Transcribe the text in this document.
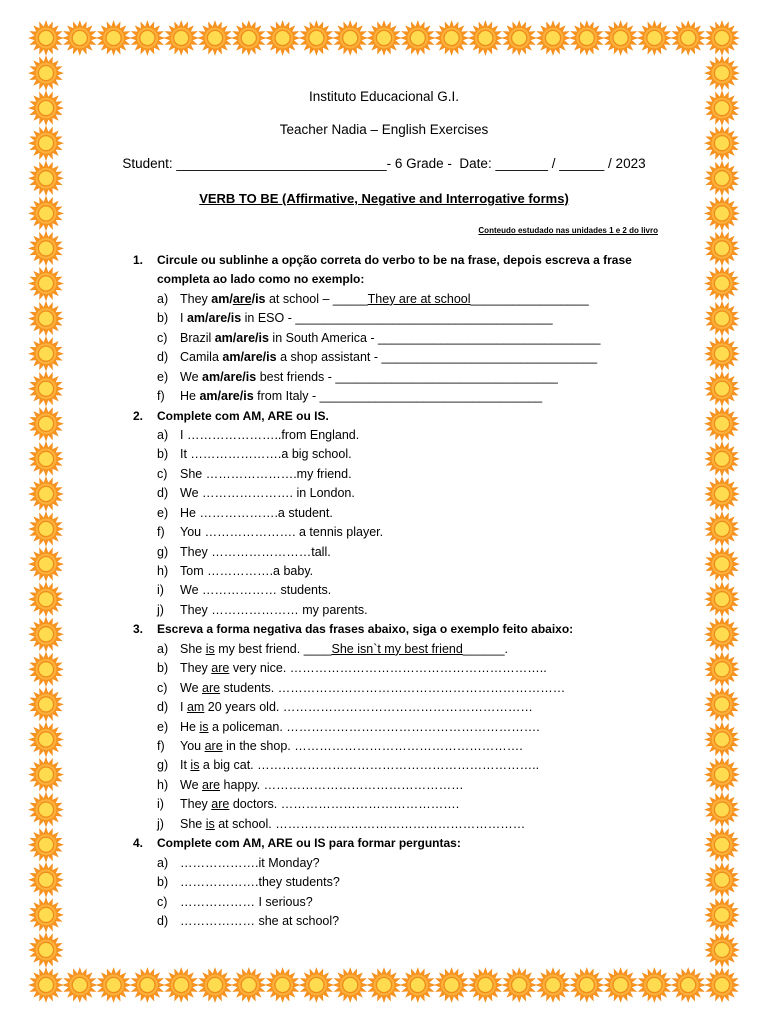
Instituto Educacional G.I.
Teacher Nadia – English Exercises
Student: ____________________________- 6 Grade -  Date: _______ / ______ / 2023
VERB TO BE (Affirmative, Negative and Interrogative forms)
Conteudo estudado nas unidades 1 e 2 do livro
1. Circule ou sublinhe a opção correta do verbo to be na frase, depois escreva a frase completa ao lado como no exemplo:
a) They am/are/is at school – _____They are at school_________________
b) I am/are/is in ESO - _____________________________________
c) Brazil am/are/is in South America - ________________________________
d) Camila am/are/is a shop assistant - _______________________________
e) We am/are/is best friends - ________________________________
f) He am/are/is from Italy - ________________________________
2. Complete com AM, ARE ou IS.
a) I …………………..from England.
b) It ………………….a big school.
c) She ………………….my friend.
d) We …………………. in London.
e) He ……………….a student.
f) You …………………. a tennis player.
g) They ……………………tall.
h) Tom …………….a baby.
i) We ……………… students.
j) They ………………… my parents.
3. Escreva a forma negativa das frases abaixo, siga o exemplo feito abaixo:
a) She is my best friend. ____She isn`t my best friend______.
b) They are very nice. ……………………………………………………..
c) We are students. ……………………………………………………………
d) I am 20 years old. ……………………………………………………
e) He is a policeman. …………………………………………………….
f) You are in the shop. ……………………………………………….
g) It is a big cat. …………………………………………………………..
h) We are happy. …………………………………………
i) They are doctors. …………………………………….
j) She is at school. ……………………………………………………
4. Complete com AM, ARE ou IS para formar perguntas:
a) ……………….it Monday?
b) ……………….they students?
c) ……………… I serious?
d) ……………… she at school?
